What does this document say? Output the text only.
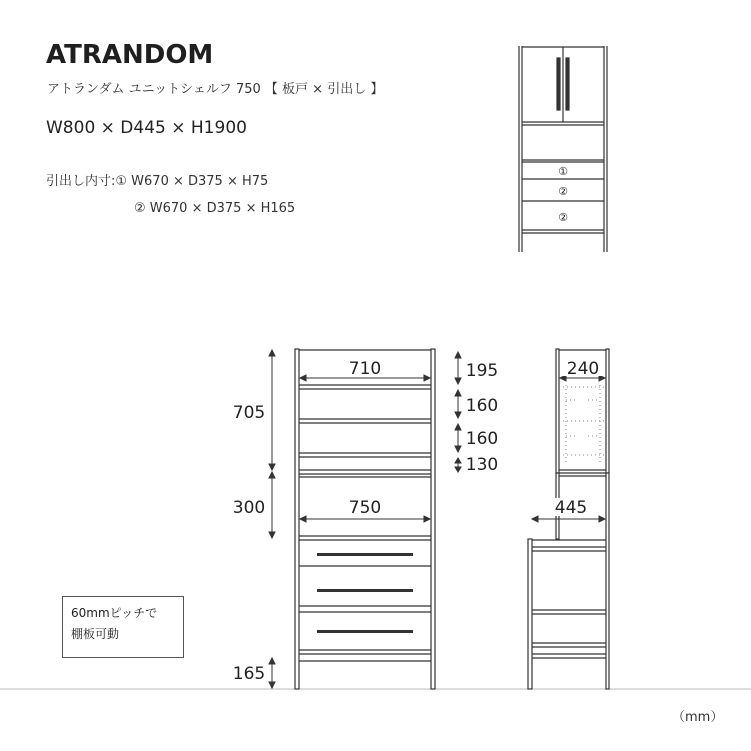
ATRANDOM
アトランダム ユニットシェルフ 750 【 板戸 × 引出し 】
W800 × D445 × H1900
引出し内寸:① W670 × D375 × H75
② W670 × D375 × H165
①
②
②
710
750
705
300
165
195
160
160
130
240
445
60mmピッチで
棚板可動
（mm）
